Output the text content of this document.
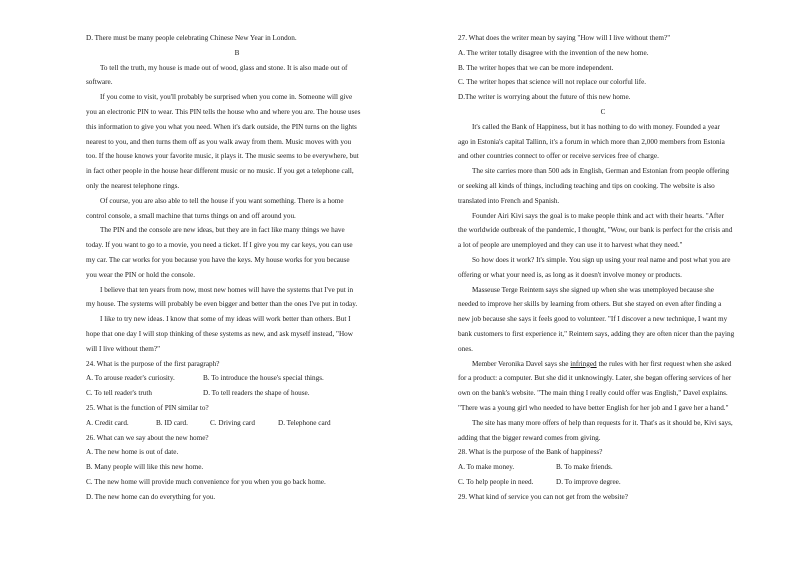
D. There must be many people celebrating Chinese New Year in London.
B
To tell the truth, my house is made out of wood, glass and stone. It is also made out of
software.
If you come to visit, you'll probably be surprised when you come in. Someone will give
you an electronic PIN to wear. This PIN tells the house who and where you are. The house uses
this information to give you what you need. When it's dark outside, the PIN turns on the lights
nearest to you, and then turns them off as you walk away from them. Music moves with you
too. If the house knows your favorite music, it plays it. The music seems to be everywhere, but
in fact other people in the house hear different music or no music. If you get a telephone call,
only the nearest telephone rings.
Of course, you are also able to tell the house if you want something. There is a home
control console, a small machine that turns things on and off around you.
The PIN and the console are new ideas, but they are in fact like many things we have
today. If you want to go to a movie, you need a ticket. If I give you my car keys, you can use
my car. The car works for you because you have the keys. My house works for you because
you wear the PIN or hold the console.
I believe that ten years from now, most new homes will have the systems that I've put in
my house. The systems will probably be even bigger and better than the ones I've put in today.
I like to try new ideas. I know that some of my ideas will work better than others. But I
hope that one day I will stop thinking of these systems as new, and ask myself instead, "How
will I live without them?"
24. What is the purpose of the first paragraph?
A. To arouse reader's curiosity.	B. To introduce the house's special things.
C. To tell reader's truth	D. To tell readers the shape of house.
25. What is the function of PIN similar to?
A. Credit card.	B. ID card.	C. Driving card	D. Telephone card
26. What can we say about the new home?
A. The new home is out of date.
B. Many people will like this new home.
C. The new home will provide much convenience for you when you go back home.
D. The new home can do everything for you.
27. What does the writer mean by saying "How will I live without them?"
A. The writer totally disagree with the invention of the new home.
B. The writer hopes that we can be more independent.
C. The writer hopes that science will not replace our colorful life.
D.The writer is worrying about the future of this new home.
C
It's called the Bank of Happiness, but it has nothing to do with money. Founded a year
ago in Estonia's capital Tallinn, it's a forum in which more than 2,000 members from Estonia
and other countries connect to offer or receive services free of charge.
The site carries more than 500 ads in English, German and Estonian from people offering
or seeking all kinds of things, including teaching and tips on cooking. The website is also
translated into French and Spanish.
Founder Airi Kivi says the goal is to make people think and act with their hearts. "After
the worldwide outbreak of the pandemic, I thought, "Wow, our bank is perfect for the crisis and
a lot of people are unemployed and they can use it to harvest what they need."
So how does it work? It's simple. You sign up using your real name and post what you are
offering or what your need is, as long as it doesn't involve money or products.
Masseuse Terge Reintem says she signed up when she was unemployed because she
needed to improve her skills by learning from others. But she stayed on even after finding a
new job because she says it feels good to volunteer. "If I discover a new technique, I want my
bank customers to first experience it," Reintem says, adding they are often nicer than the paying
ones.
Member Veronika Davel says she infringed the rules with her first request when she asked
for a product: a computer. But she did it unknowingly. Later, she began offering services of her
own on the bank's website. "The main thing I really could offer was English," Davel explains.
"There was a young girl who needed to have better English for her job and I gave her a hand."
The site has many more offers of help than requests for it. That's as it should be, Kivi says,
adding that the bigger reward comes from giving.
28. What is the purpose of the Bank of happiness?
A. To make money.	B. To make friends.
C. To help people in need.	D. To improve degree.
29. What kind of service you can not get from the website?
